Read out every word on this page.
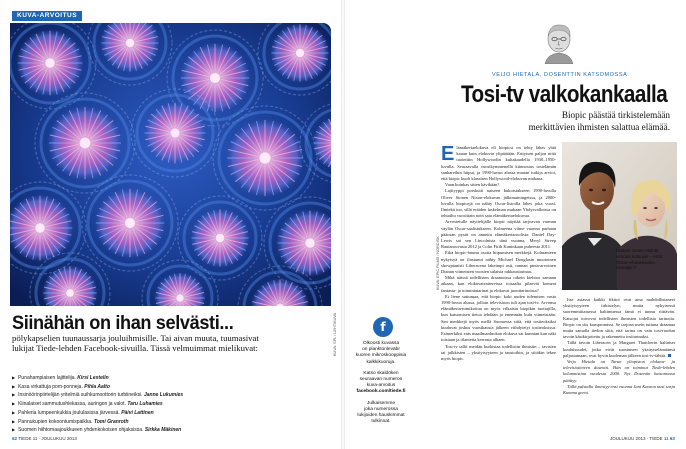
KUVA-ARVOITUS
KUVA: SPL / LEHTIKUVA
Siinähän on ihan selvästi...
pölykapselien tuunaussarja jouluihmisille. Tai aivan muuta, tuumasivat
lukijat Tiede-lehden Facebook-sivuilla. Tässä velmuimmat mielikuvat:
▶ Punahampiaisen lajittelija. Kirsi Lestelin
▶ Kasa virkattuja pom-ponneja. Pihla Aalto
▶ Insinöörinpiirtelijän yritelmiä suihkumoottorin turbiineiksi. Janne Lukumies
▶ Kiinalaiset sammutushiekassa, auringon ja valot. Taru Luhamies
▶ Pahleria lumpeenkukkia joululasissa järvessä. Päivi Lattinen
▶ Pannukupien kokoontumispaikka. Tomi Granroth
▶ Suomen hiihtomaajoukkueen yhdenkokoisen ohjaksissa. Sirkka Mäkinen
f
Olkoosti kuvassa
on planktonleväbr
kuoren mikroskooppisia
kalkkikuoruja.
Katso skaldöken
seuraavan numeron
kuva-arvoitus
facebook.com/tiede.fi
Julkaisemme
joka numerossa
lukijoiden hauskimmat
tulkinnat.
62 TIEDE 11 · JOULUKUU 2013
VEIJO HIETALA, DOSENTTIN KATSOMOSSA
Tosi-tv valkokankaalla
Biopic päästää tirkistelemään
merkittävien ihmisten salattua elämää.

Elämäkertaelokuva eli biopicsi on tehty lähes yhtä kauan kuin elokuvia ylipäätään. Erityisen paljon niitä tuotettiin Hollywoodin kultakaudella 1930–1950-luvulla. Seuraavalla vuosikymmenellä kiinnostus tosielämän sankareihin hiipui, ja 1990-luvun alussa muuan tutkija arvioi, että biopic kuoli klassisen Hollywood-elokuvan mukana.

Vaan kuinkas sitten kävikään?

Lajityyppi porskutti naiseen kukoistukseen 1990-luvulla Oliver Stonen Nixon-elokuvan jälkimainingeissa, ja 2000-luvulla biopicejä on nähty Oscar-listoilla lähes joka vuosi. Ilmiekä tuo, sillä eräiden laskelman mukaan Yhdysvalloissa on tehtailtu vuosittain noin sata elämäkertaelokuvaa.

Arvostetulle näyttelijälle biopic näyttää tarjoavan varman väylän Oscar-saalistukseen. Kolmeena viime vuonna parhaan pääosan pystit on annettu elämäkertaroolista: Daniel Day-Lewis sai sen Lincolnista tänä vuonna, Meryl Streep Rautarouvasta 2012 ja Colin Firth Kuninkaan puheesta 2011.

Eikä biopic-buumi osoita hiipumisen merkkejä. Kolmanteen nykyisyä on ilustunut nähty Michael Douglasin muotoinen showpianisti Liberacena lakeimpi asti, rannan pinta-arvoinen Dianan viimeisten vuosien salaista rakkaustarinaa.

Mikä näissä todellisten draamoissa oikein kiehtoo samaan aikaan, kun elokuvateattereissa toisaalta pilaevät komeat fantasia- ja toimintatarinat ja elokuvat juonitarinoista?

Et liene sattumaa, että biopic koki uuden tulemisen vasta 1990-luvun alussa, jolloin televisioon tuli ajan tosi-tv. Arvonsa elämäkerta-nimikoitua on myös vilkaistu biopikin tuottajilla, kun katsomisen tietoa tehdään jo enemmän kuin viimeistään. Sen merkkejä myös mellä Suomessa siitä, että tositeoksiksi kuuluvat joskus vuosikausia jälkeen viihdytetyt tositeoksissa. Esimerkiksi eräs maailmanluokan elokuva sai kunnian kun näki toisiaan ja tilanteita kerrasta alkaen.

Tosi-tv tallii meidän kurkistaa todellisiin ihmisiin – tavisten tai julkkisten – yksityisyyteen ja taustoihin, ja siitäkin tekee myös biopic.

KUVA: EPIC FILMS / NORDISK	Dianan onnen etsintä vehoaa katsojiin – entä Oscar-ehdokkaiden nimeäjiin?

Itse asiassa kaikki fiktiot ovat aina mahdollistaneet yksityisyyteen tirkistelyn, mutta nykyisessä suoremmittaisessa kaltimuessa tämä ei tunnu riittävän. Katsojat toivovat todellisten ihmisten todellisia tarinoita. Biopic on siis kompromissi. Se tarjoaa usein tuttuna draamaa mutta samalla tiedon siitä, että tarina on vain tosi-ruodun tavoin käsikirjoitettu ja rakennettu tositarinaksi.

Tällä tavoin Liberacen ja Margaret Thatcherin kaltaiset kuuluisuudet, jotka eivät suostuneet yksityiselämäänsä paljastamaan, ovat hyvin kuoleman jälkeen tosi-tv-tähtiä.

Veijo Hietala on Turun yliopiston elokuva- ja televisiotieteen dosentti. Hän on toiminut Tiede-lehden kolumnistina vuodesta 2000. Nyt Dosentin katsomossa päättyy.

Tällä palstalla ilmestyy ensi vuonna Jani Kaaron uusi sarja Kumma geeni.

JOULUKUU 2013 · TIEDE 11 63
